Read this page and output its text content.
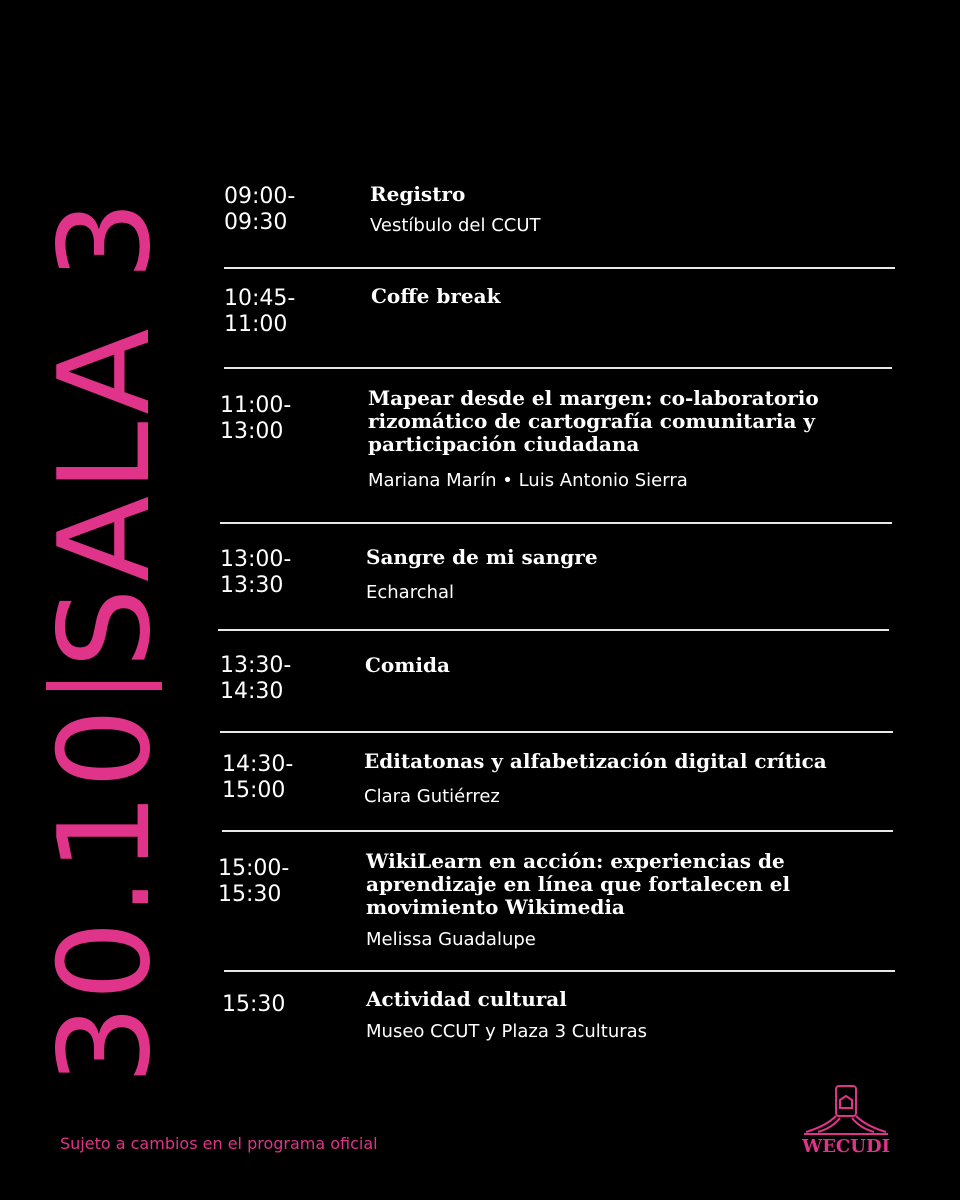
30.10SALA 3 09:00-
09:30
Registro
Vestíbulo del CCUT
10:45-
11:00
Coffe break
11:00-
13:00
Mapear desde el margen: co-laboratorio
rizomático de cartografía comunitaria y
participación ciudadana
Mariana Marín • Luis Antonio Sierra
13:00-
13:30
Sangre de mi sangre
Echarchal
13:30-
14:30
Comida
14:30-
15:00
Editatonas y alfabetización digital crítica
Clara Gutiérrez
15:00-
15:30
WikiLearn en acción: experiencias de
aprendizaje en línea que fortalecen el
movimiento Wikimedia
Melissa Guadalupe
15:30	Actividad cultural
Museo CCUT y Plaza 3 Culturas
Sujeto a cambios en el programa oficial	WECUDI
